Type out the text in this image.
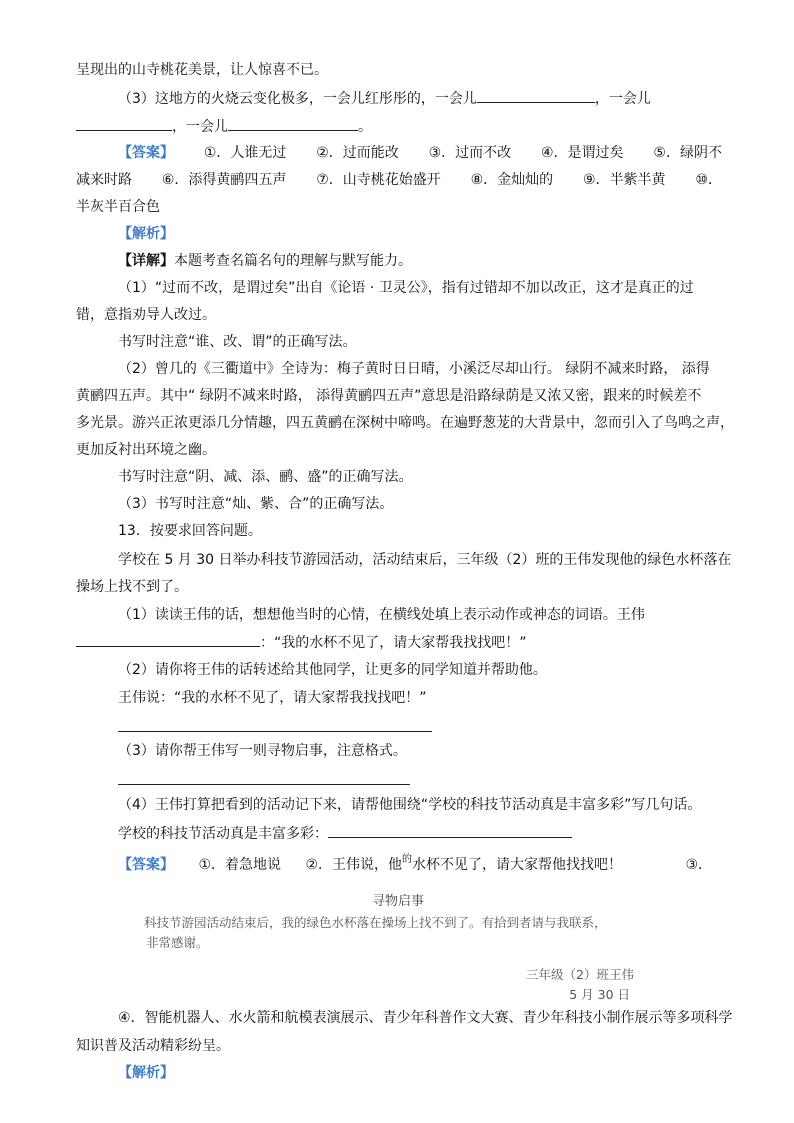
呈现出的山寺桃花美景，让人惊喜不已。
（3）这地方的火烧云变化极多，一会儿红彤彤的，一会儿	，一会儿
，一会儿	。
【答案】 ①．人谁无过 ②．过而能改 ③．过而不改 ④．是谓过矣 ⑤．绿阴不
减来时路 ⑥．添得黄鹂四五声 ⑦．山寺桃花始盛开 ⑧．金灿灿的 ⑨．半紫半黄 ⑩．
半灰半百合色
【解析】
【详解】本题考查名篇名句的理解与默写能力。
（1）“过而不改，是谓过矣”出自《论语 · 卫灵公》，指有过错却不加以改正，这才是真正的过
错，意指劝导人改过。
书写时注意“谁、改、谓”的正确写法。
（2）曾几的《三衢道中》全诗为：梅子黄时日日晴，小溪泛尽却山行。 绿阴不减来时路， 添得
黄鹂四五声。其中“ 绿阴不减来时路， 添得黄鹂四五声”意思是沿路绿荫是又浓又密，跟来的时候差不
多光景。游兴正浓更添几分情趣，四五黄鹂在深树中啼鸣。在遍野葱茏的大背景中，忽而引入了鸟鸣之声，
更加反衬出环境之幽。
书写时注意“阴、减、添、鹂、盛”的正确写法。
（3）书写时注意“灿、紫、合”的正确写法。
13．按要求回答问题。
学校在 5 月 30 日举办科技节游园活动，活动结束后，三年级（2）班的王伟发现他的绿色水杯落在
操场上找不到了。
（1）读读王伟的话，想想他当时的心情，在横线处填上表示动作或神态的词语。王伟
：“我的水杯不见了，请大家帮我找找吧！”
（2）请你将王伟的话转述给其他同学，让更多的同学知道并帮助他。
王伟说：“我的水杯不见了，请大家帮我找找吧！”
（3）请你帮王伟写一则寻物启事，注意格式。
（4）王伟打算把看到的活动记下来，请帮他围绕“学校的科技节活动真是丰富多彩”写几句话。
学校的科技节活动真是丰富多彩：
【答案】 ①．着急地说 ②．王伟说，他$^的$水杯不见了，请大家帮他找找吧！	③．
寻物启事
科技节游园活动结束后，我的绿色水杯落在操场上找不到了。有拾到者请与我联系，
非常感谢。
三年级（2）班王伟
5 月 30 日
④．智能机器人、水火箭和航模表演展示、青少年科普作文大赛、青少年科技小制作展示等多项科学
知识普及活动精彩纷呈。
【解析】
